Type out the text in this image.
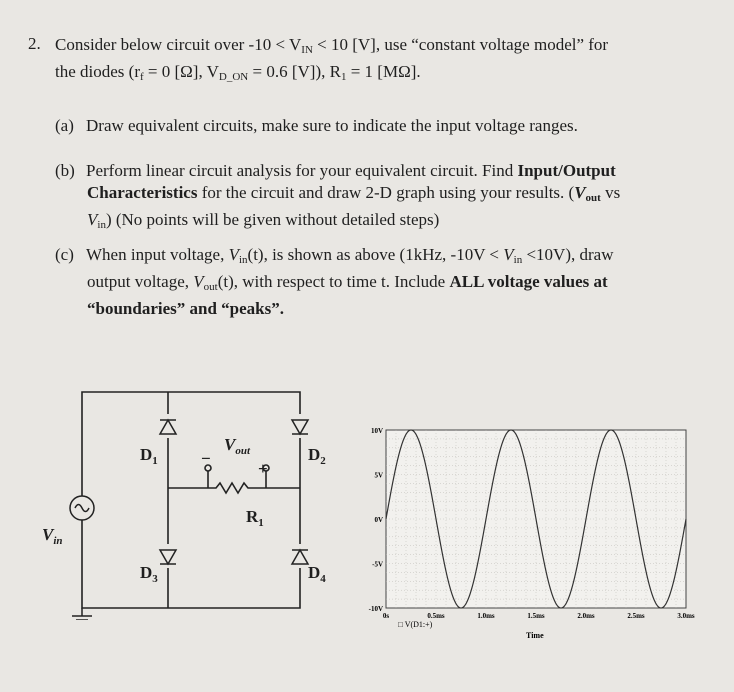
2. Consider below circuit over $-10 < V_{IN} < 10$ [V], use “constant voltage model” for
the diodes ($r_f = 0$ [Ω], $V_{D\_ON} = 0.6$ [V]), $R_1 = 1$ [MΩ].
(a) Draw equivalent circuits, make sure to indicate the input voltage ranges.
(b) Perform linear circuit analysis for your equivalent circuit. Find Input/Output
Characteristics for the circuit and draw 2-D graph using your results. ($V_{out}$ vs
$V_{in}$) (No points will be given without detailed steps)
(c) When input voltage, $V_{in}(t)$, is shown as above (1kHz, $-10V < V_{in} <10V$), draw
output voltage, $V_{out}(t)$, with respect to time t. Include ALL voltage values at
“boundaries” and “peaks”.
$D_1$	$D_2$
$D_3$	$D_4$
$V_{out}$
$R_1$
$V_{in}$
−
+
10V
5V
0V
-5V
-10V
0s	0.5ms	1.0ms	1.5ms	2.0ms	2.5ms	3.0ms
□ V(D1:+)
Time
